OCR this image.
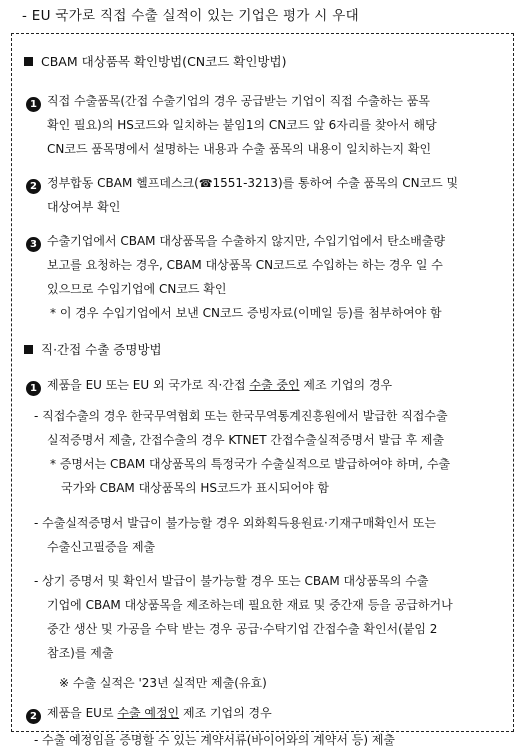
- EU 국가로 직접 수출 실적이 있는 기업은 평가 시 우대
CBAM 대상품목 확인방법(CN코드 확인방법)
1 직접 수출품목(간접 수출기업의 경우 공급받는 기업이 직접 수출하는 품목
확인 필요)의 HS코드와 일치하는 붙임1의 CN코드 앞 6자리를 찾아서 해당
CN코드 품목명에서 설명하는 내용과 수출 품목의 내용이 일치하는지 확인
2 정부합동 CBAM 헬프데스크(☎1551-3213)를 통하여 수출 품목의 CN코드 및
대상여부 확인
3 수출기업에서 CBAM 대상품목을 수출하지 않지만, 수입기업에서 탄소배출량
보고를 요청하는 경우, CBAM 대상품목 CN코드로 수입하는 하는 경우 일 수
있으므로 수입기업에 CN코드 확인
* 이 경우 수입기업에서 보낸 CN코드 증빙자료(이메일 등)를 첨부하여야 함
직·간접 수출 증명방법
1 제품을 EU 또는 EU 외 국가로 직·간접 수출 중인 제조 기업의 경우
- 직접수출의 경우 한국무역협회 또는 한국무역통계진흥원에서 발급한 직접수출
실적증명서 제출, 간접수출의 경우 KTNET 간접수출실적증명서 발급 후 제출
* 증명서는 CBAM 대상품목의 특정국가 수출실적으로 발급하여야 하며, 수출
국가와 CBAM 대상품목의 HS코드가 표시되어야 함
- 수출실적증명서 발급이 불가능할 경우 외화획득용원료·기재구매확인서 또는
수출신고필증을 제출
- 상기 증명서 및 확인서 발급이 불가능할 경우 또는 CBAM 대상품목의 수출
기업에 CBAM 대상품목을 제조하는데 필요한 재료 및 중간재 등을 공급하거나
중간 생산 및 가공을 수탁 받는 경우 공급·수탁기업 간접수출 확인서(붙임 2
참조)를 제출
※ 수출 실적은 '23년 실적만 제출(유효)
2 제품을 EU로 수출 예정인 제조 기업의 경우
- 수출 예정임을 증명할 수 있는 계약서류(바이어와의 계약서 등) 제출
